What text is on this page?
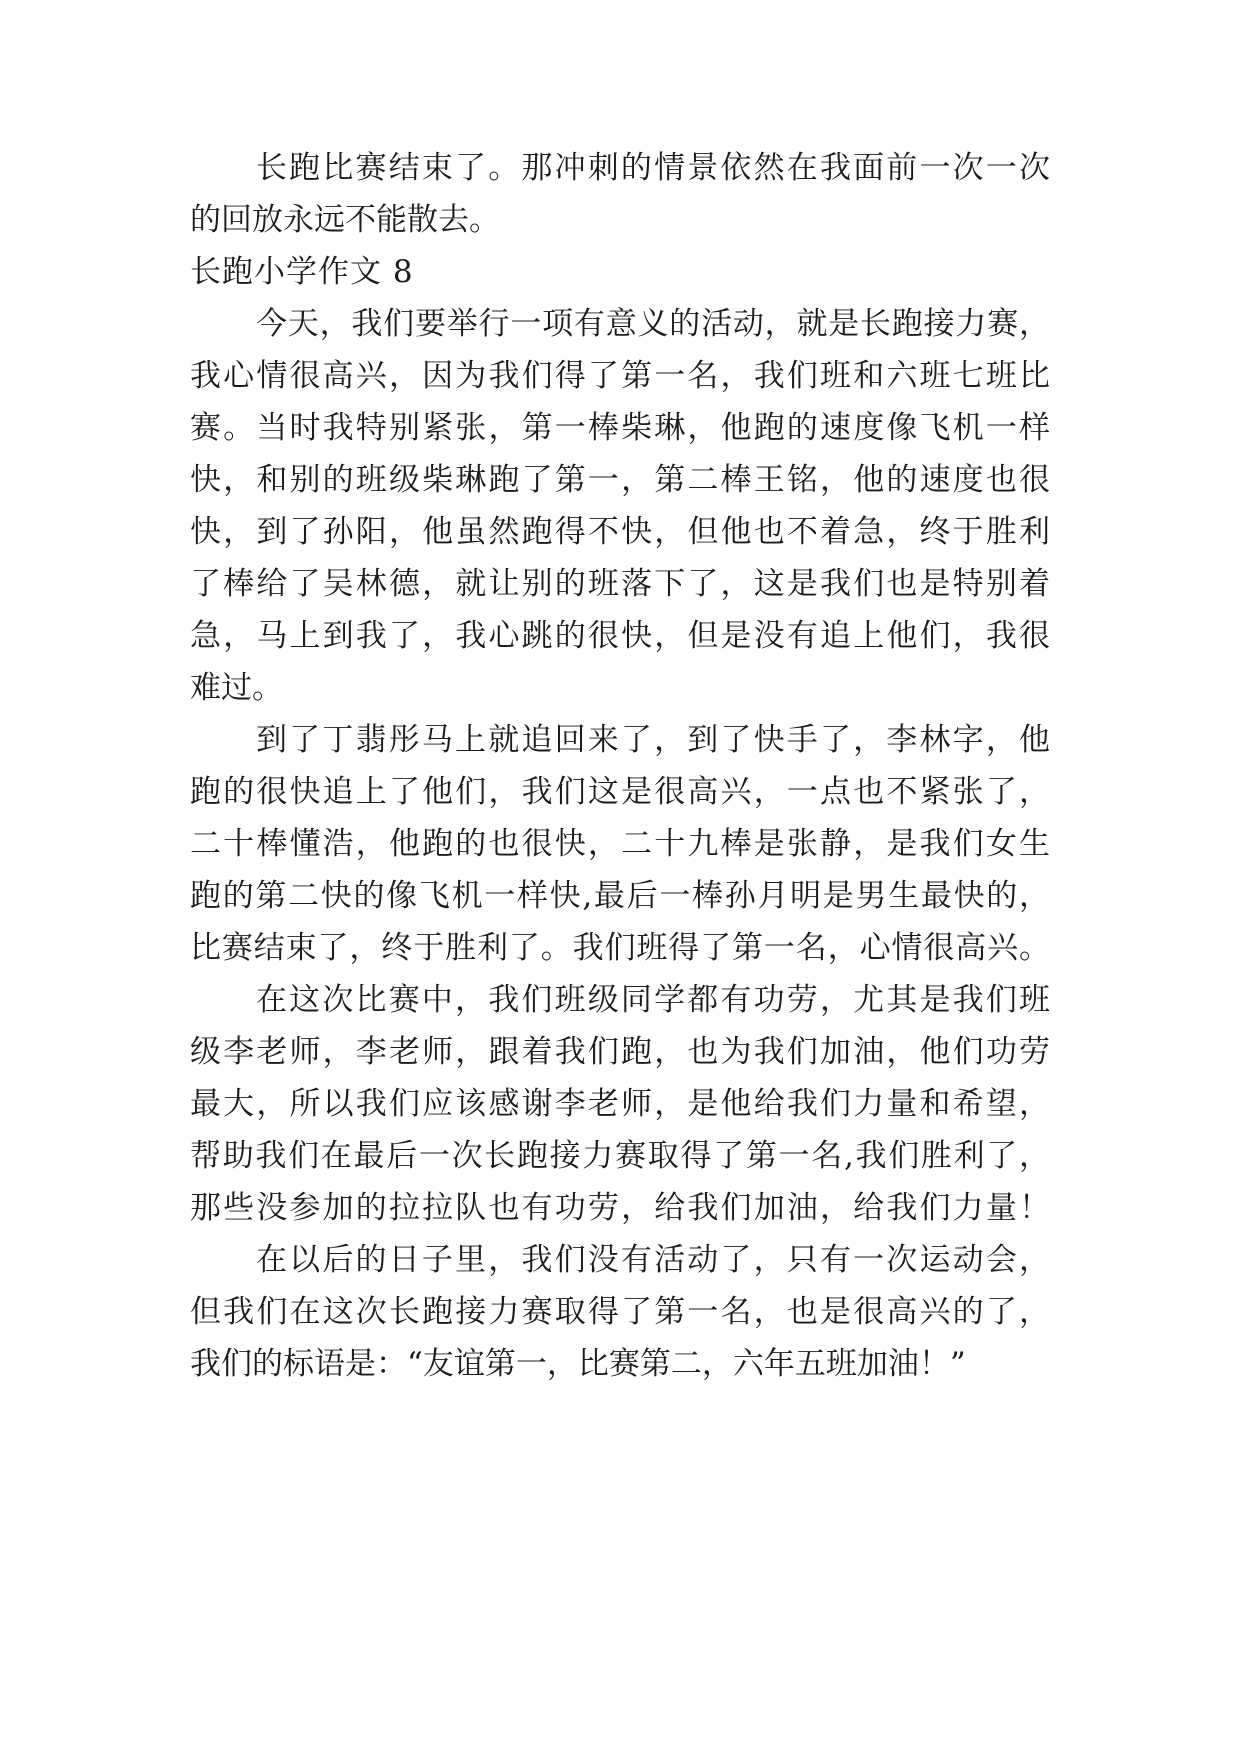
长跑比赛结束了。那冲刺的情景依然在我面前一次一次
的回放永远不能散去。
长跑小学作文 8
今天，我们要举行一项有意义的活动，就是长跑接力赛，
我心情很高兴，因为我们得了第一名，我们班和六班七班比
赛。当时我特别紧张，第一棒柴琳，他跑的速度像飞机一样
快，和别的班级柴琳跑了第一，第二棒王铭，他的速度也很
快，到了孙阳，他虽然跑得不快，但他也不着急，终于胜利
了棒给了吴林德，就让别的班落下了，这是我们也是特别着
急，马上到我了，我心跳的很快，但是没有追上他们，我很
难过。
到了丁翡彤马上就追回来了，到了快手了，李林字，他
跑的很快追上了他们，我们这是很高兴，一点也不紧张了，
二十棒懂浩，他跑的也很快，二十九棒是张静，是我们女生
跑的第二快的像飞机一样快,最后一棒孙月明是男生最快的，
比赛结束了，终于胜利了。我们班得了第一名，心情很高兴。
在这次比赛中，我们班级同学都有功劳，尤其是我们班
级李老师，李老师，跟着我们跑，也为我们加油，他们功劳
最大，所以我们应该感谢李老师，是他给我们力量和希望，
帮助我们在最后一次长跑接力赛取得了第一名,我们胜利了，
那些没参加的拉拉队也有功劳，给我们加油，给我们力量！
在以后的日子里，我们没有活动了，只有一次运动会，
但我们在这次长跑接力赛取得了第一名，也是很高兴的了，
我们的标语是：“友谊第一，比赛第二，六年五班加油！”
